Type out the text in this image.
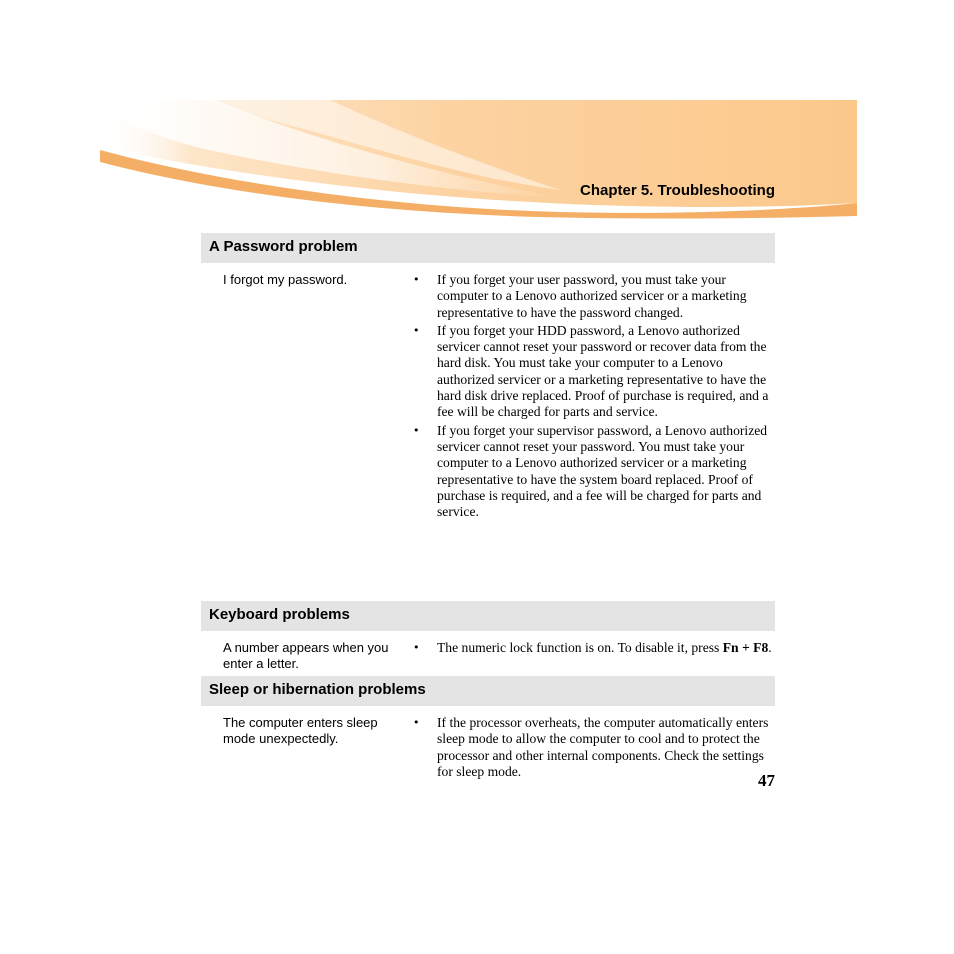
Chapter 5. Troubleshooting
A Password problem
I forgot my password.	• If you forget your user password, you must take your computer to a Lenovo authorized servicer or a marketing representative to have the password changed.
• If you forget your HDD password, a Lenovo authorized servicer cannot reset your password or recover data from the hard disk. You must take your computer to a Lenovo authorized servicer or a marketing representative to have the hard disk drive replaced. Proof of purchase is required, and a fee will be charged for parts and service.
• If you forget your supervisor password, a Lenovo authorized servicer cannot reset your password. You must take your computer to a Lenovo authorized servicer or a marketing representative to have the system board replaced. Proof of purchase is required, and a fee will be charged for parts and service.
Keyboard problems
A number appears when you enter a letter.
• The numeric lock function is on. To disable it, press Fn + F8.
Sleep or hibernation problems
The computer enters sleep mode unexpectedly.
• If the processor overheats, the computer automatically enters sleep mode to allow the computer to cool and to protect the processor and other internal components. Check the settings for sleep mode.	47
